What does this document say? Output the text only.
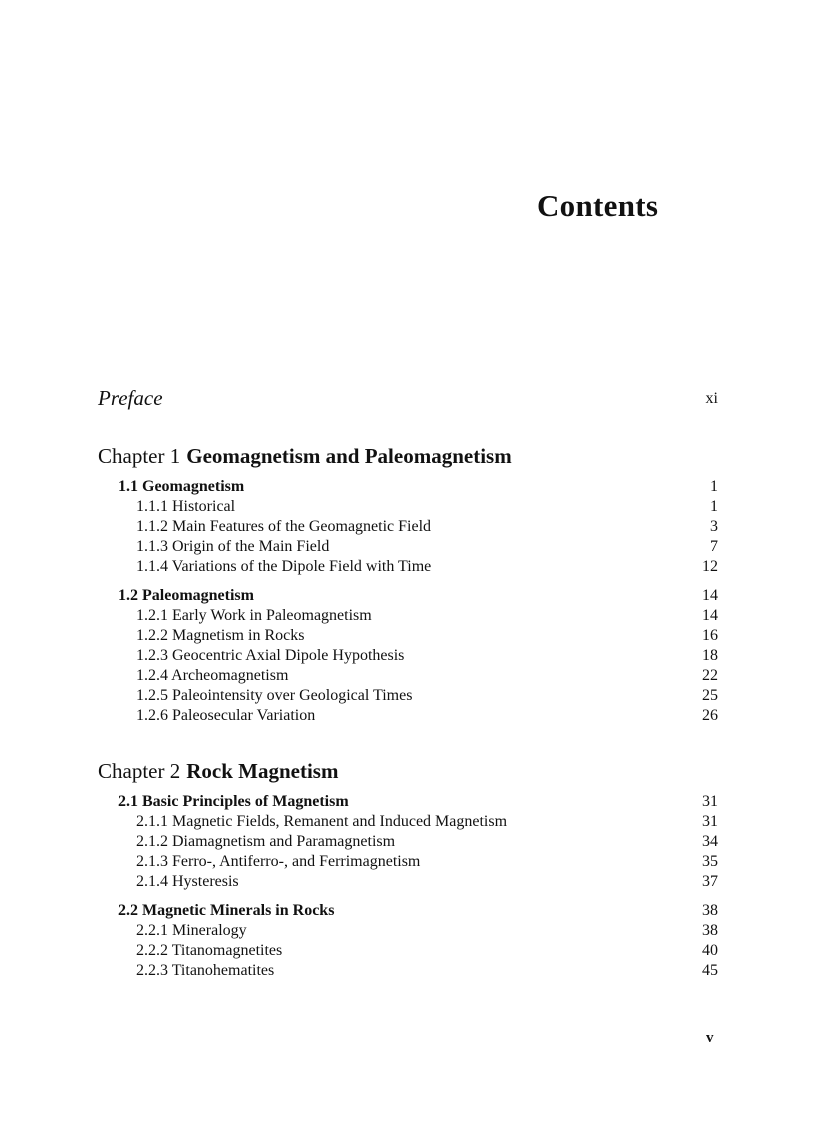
Contents
Preface	xi
Chapter 1 Geomagnetism and Paleomagnetism
1.1 Geomagnetism	1
1.1.1 Historical	1
1.1.2 Main Features of the Geomagnetic Field	3
1.1.3 Origin of the Main Field	7
1.1.4 Variations of the Dipole Field with Time	12
1.2 Paleomagnetism	14
1.2.1 Early Work in Paleomagnetism	14
1.2.2 Magnetism in Rocks	16
1.2.3 Geocentric Axial Dipole Hypothesis	18
1.2.4 Archeomagnetism	22
1.2.5 Paleointensity over Geological Times	25
1.2.6 Paleosecular Variation	26
Chapter 2 Rock Magnetism
2.1 Basic Principles of Magnetism	31
2.1.1 Magnetic Fields, Remanent and Induced Magnetism	31
2.1.2 Diamagnetism and Paramagnetism	34
2.1.3 Ferro-, Antiferro-, and Ferrimagnetism	35
2.1.4 Hysteresis	37
2.2 Magnetic Minerals in Rocks	38
2.2.1 Mineralogy	38
2.2.2 Titanomagnetites	40
2.2.3 Titanohematites	45
v
